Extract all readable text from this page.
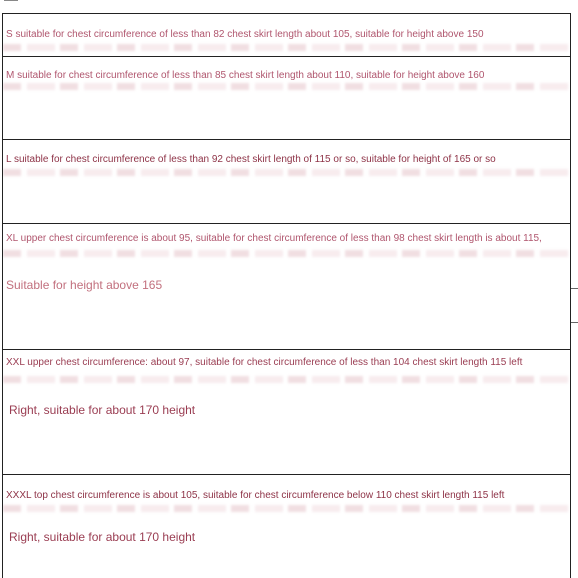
S suitable for chest circumference of less than 82 chest skirt length about 105, suitable for height above 150
M suitable for chest circumference of less than 85 chest skirt length about 110, suitable for height above 160
L suitable for chest circumference of less than 92 chest skirt length of 115 or so, suitable for height of 165 or so
XL upper chest circumference is about 95, suitable for chest circumference of less than 98 chest skirt length is about 115,
Suitable for height above 165
XXL upper chest circumference: about 97, suitable for chest circumference of less than 104 chest skirt length 115 left
Right, suitable for about 170 height
XXXL top chest circumference is about 105, suitable for chest circumference below 110 chest skirt length 115 left
Right, suitable for about 170 height
